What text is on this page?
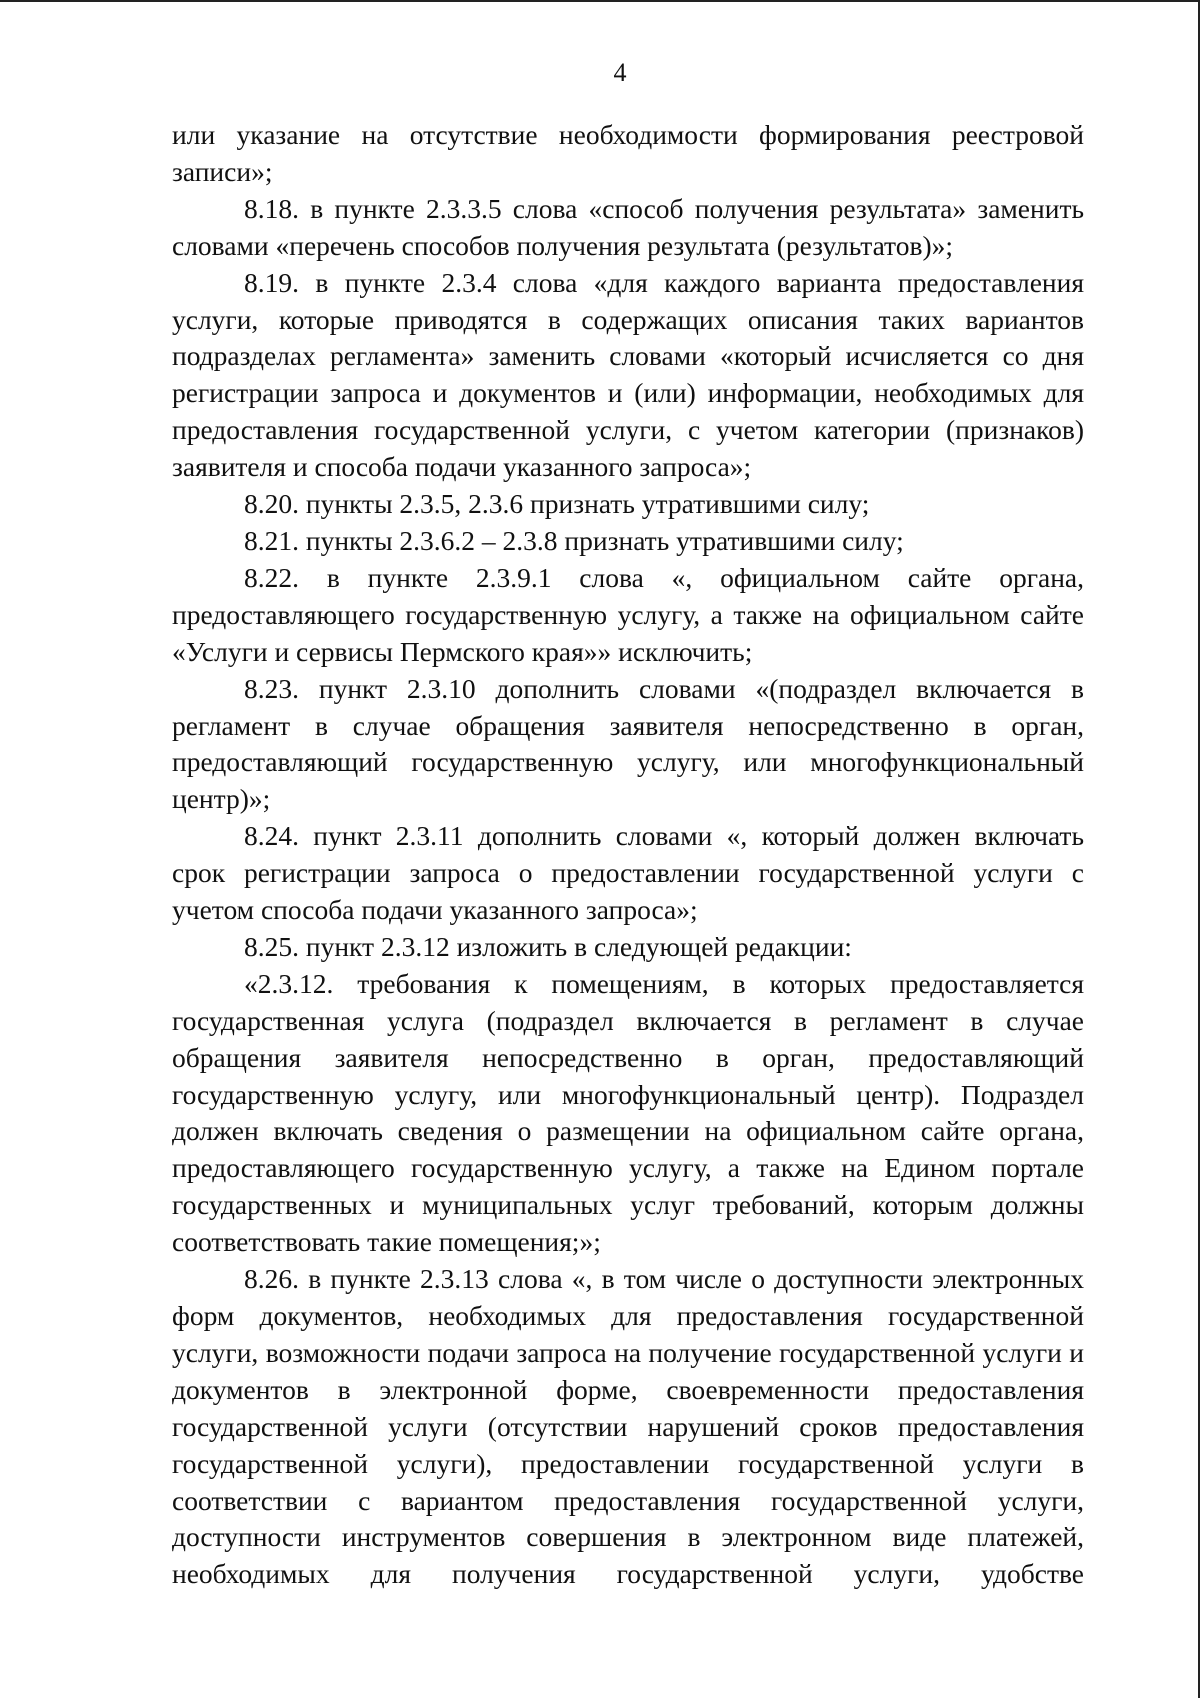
4

или указание на отсутствие необходимости формирования реестровой записи»;

8.18. в пункте 2.3.3.5 слова «способ получения результата» заменить словами «перечень способов получения результата (результатов)»;

8.19. в пункте 2.3.4 слова «для каждого варианта предоставления услуги, которые приводятся в содержащих описания таких вариантов подразделах регламента» заменить словами «который исчисляется со дня регистрации запроса и документов и (или) информации, необходимых для предоставления государственной услуги, с учетом категории (признаков) заявителя и способа подачи указанного запроса»;

8.20. пункты 2.3.5, 2.3.6 признать утратившими силу;

8.21. пункты 2.3.6.2 – 2.3.8 признать утратившими силу;

8.22. в пункте 2.3.9.1 слова «, официальном сайте органа, предоставляющего государственную услугу, а также на официальном сайте «Услуги и сервисы Пермского края»» исключить;

8.23. пункт 2.3.10 дополнить словами «(подраздел включается в регламент в случае обращения заявителя непосредственно в орган, предоставляющий государственную услугу, или многофункциональный центр)»;

8.24. пункт 2.3.11 дополнить словами «, который должен включать срок регистрации запроса о предоставлении государственной услуги с учетом способа подачи указанного запроса»;

8.25. пункт 2.3.12 изложить в следующей редакции:

«2.3.12. требования к помещениям, в которых предоставляется государственная услуга (подраздел включается в регламент в случае обращения заявителя непосредственно в орган, предоставляющий государственную услугу, или многофункциональный центр). Подраздел должен включать сведения о размещении на официальном сайте органа, предоставляющего государственную услугу, а также на Едином портале государственных и муниципальных услуг требований, которым должны соответствовать такие помещения;»;

8.26. в пункте 2.3.13 слова «, в том числе о доступности электронных форм документов, необходимых для предоставления государственной услуги, возможности подачи запроса на получение государственной услуги и документов в электронной форме, своевременности предоставления государственной услуги (отсутствии нарушений сроков предоставления государственной услуги), предоставлении государственной услуги в соответствии с вариантом предоставления государственной услуги, доступности инструментов совершения в электронном виде платежей, необходимых для получения государственной услуги, удобстве
